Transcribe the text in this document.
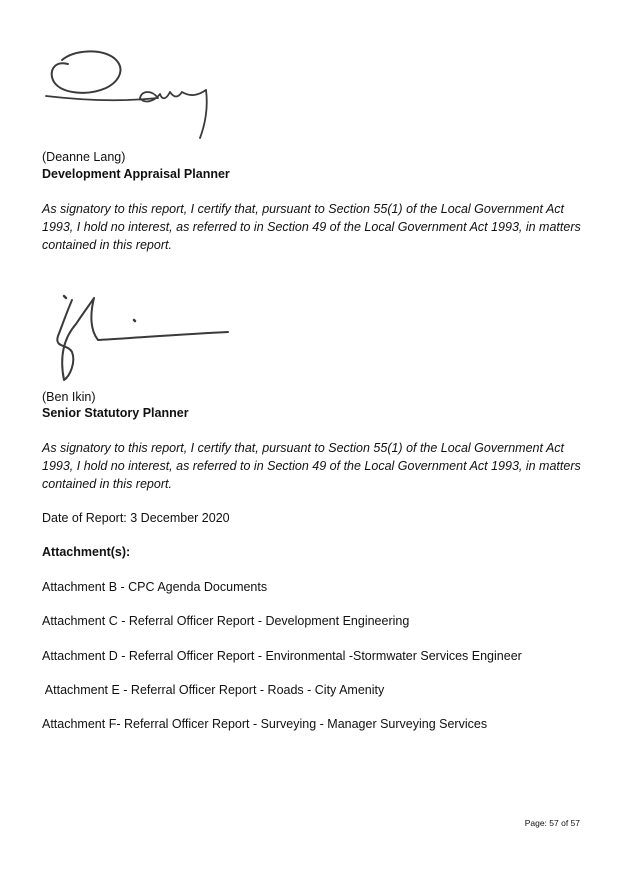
(Deanne Lang)
Development Appraisal Planner
As signatory to this report, I certify that, pursuant to Section 55(1) of the Local Government Act 1993, I hold no interest, as referred to in Section 49 of the Local Government Act 1993, in matters contained in this report.
(Ben Ikin)
Senior Statutory Planner
As signatory to this report, I certify that, pursuant to Section 55(1) of the Local Government Act 1993, I hold no interest, as referred to in Section 49 of the Local Government Act 1993, in matters contained in this report.
Date of Report: 3 December 2020
Attachment(s):
Attachment B - CPC Agenda Documents
Attachment C - Referral Officer Report - Development Engineering
Attachment D - Referral Officer Report - Environmental -Stormwater Services Engineer
Attachment E - Referral Officer Report - Roads - City Amenity
Attachment F- Referral Officer Report - Surveying - Manager Surveying Services
Page: 57 of 57
